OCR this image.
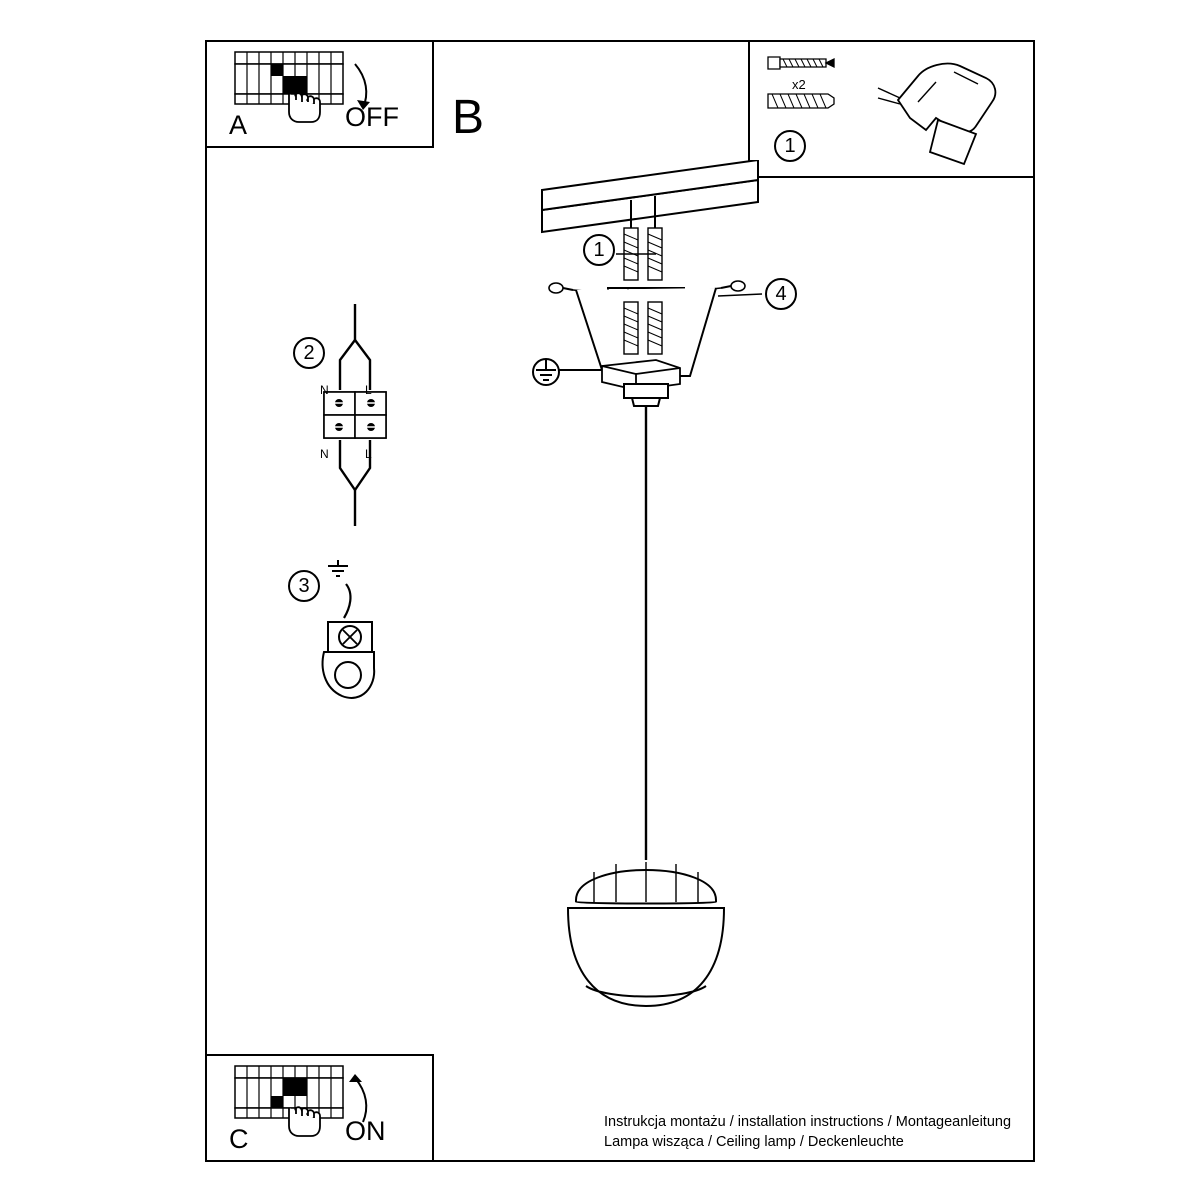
A	OFF B
1
x2
2
N	L
N	L
3
1
4
C	ON	Instrukcja montażu / installation instructions / Montageanleitung
Lampa wisząca / Ceiling lamp / Deckenleuchte
